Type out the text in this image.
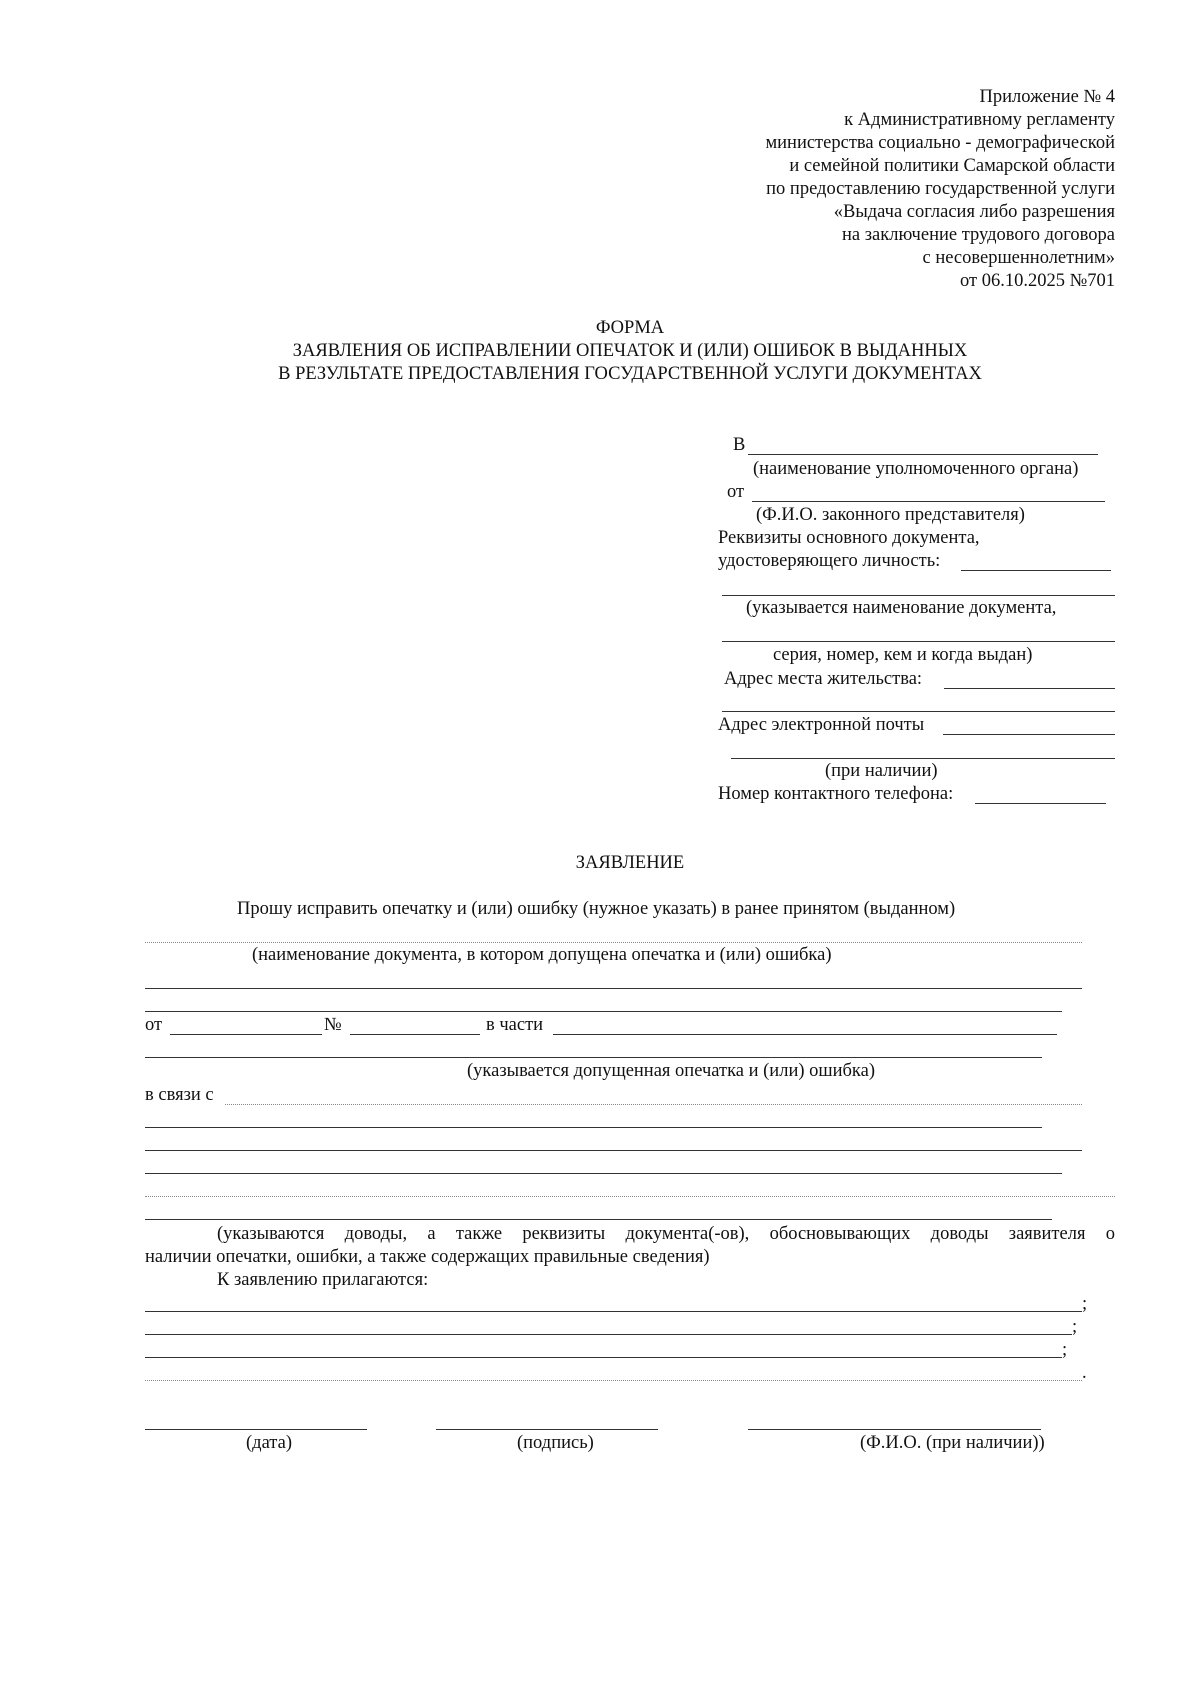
Приложение № 4
к Административному регламенту
министерства социально - демографической
и семейной политики Самарской области
по предоставлению государственной услуги
«Выдача согласия либо разрешения
на заключение трудового договора
с несовершеннолетним»
от 06.10.2025 №701
ФОРМА
ЗАЯВЛЕНИЯ ОБ ИСПРАВЛЕНИИ ОПЕЧАТОК И (ИЛИ) ОШИБОК В ВЫДАННЫХ
В РЕЗУЛЬТАТЕ ПРЕДОСТАВЛЕНИЯ ГОСУДАРСТВЕННОЙ УСЛУГИ ДОКУМЕНТАХ
В
(наименование уполномоченного органа)
от
(Ф.И.О. законного представителя)
Реквизиты основного документа,
удостоверяющего личность:
(указывается наименование документа,
серия, номер, кем и когда выдан)
Адрес места жительства:
Адрес электронной почты
(при наличии)
Номер контактного телефона:
ЗАЯВЛЕНИЕ
Прошу исправить опечатку и (или) ошибку (нужное указать) в ранее принятом (выданном)
(наименование документа, в котором допущена опечатка и (или) ошибка)
от	№	в части
(указывается допущенная опечатка и (или) ошибка)
в связи с
(указываются доводы, а также реквизиты документа(-ов), обосновывающих доводы заявителя о
наличии опечатки, ошибки, а также содержащих правильные сведения)
К заявлению прилагаются:
;
;
;
.
(дата)	(подпись)	(Ф.И.О. (при наличии))
